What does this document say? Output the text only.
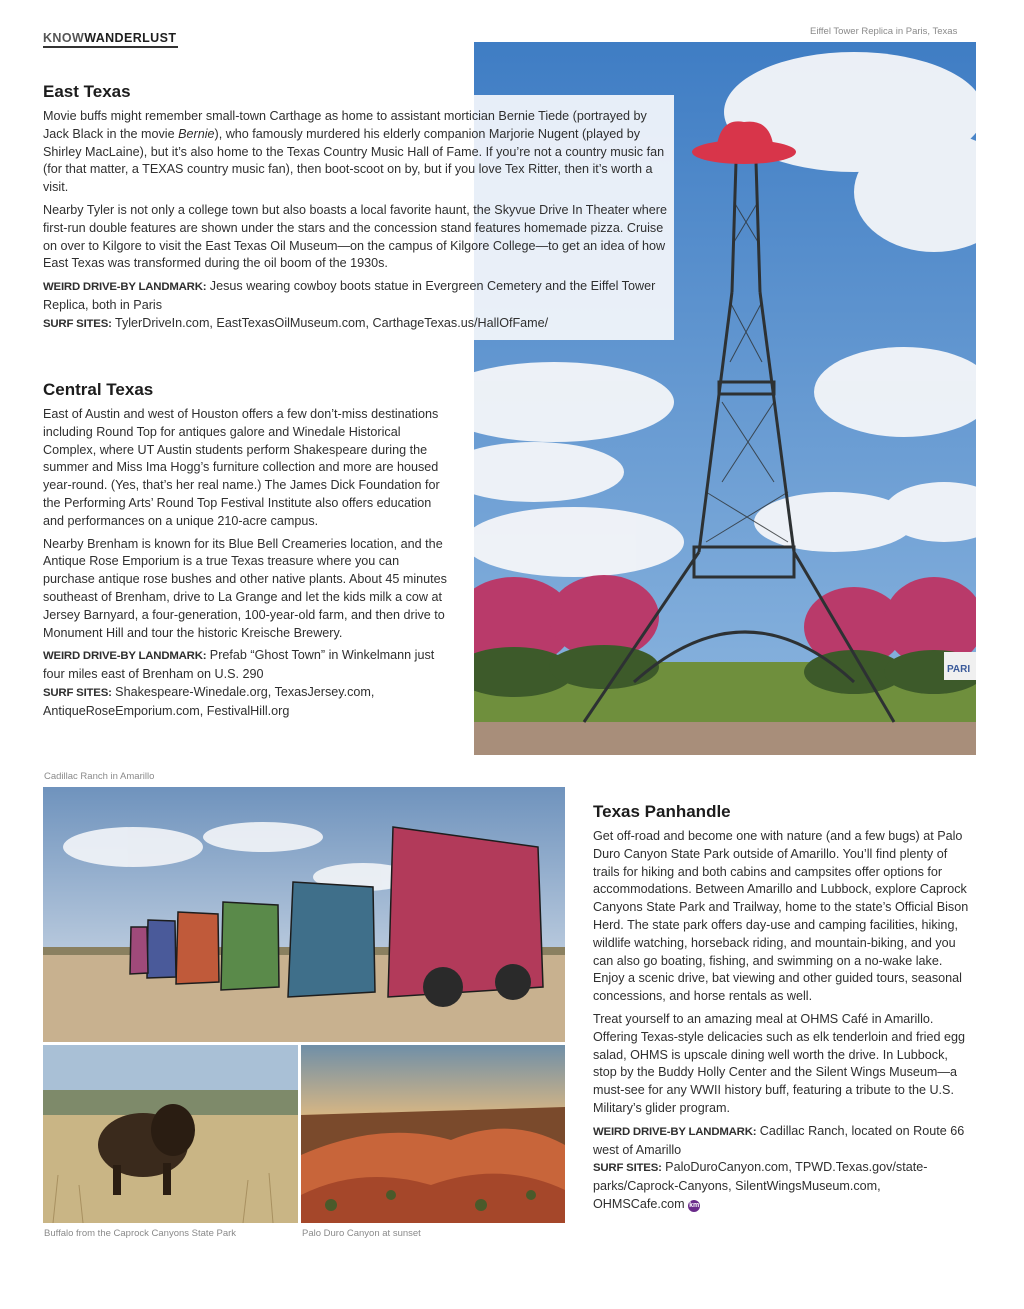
KNOWWANDERLUST	Eiffel Tower Replica in Paris, Texas
PARI
East Texas

Movie buffs might remember small-town Carthage as home to assistant mortician Bernie Tiede (portrayed by Jack Black in the movie Bernie), who famously murdered his elderly companion Marjorie Nugent (played by Shirley MacLaine), but it’s also home to the Texas Country Music Hall of Fame. If you’re not a country music fan (for that matter, a TEXAS country music fan), then boot-scoot on by, but if you love Tex Ritter, then it’s worth a visit.

Nearby Tyler is not only a college town but also boasts a local favorite haunt, the Skyvue Drive In Theater where first-run double features are shown under the stars and the concession stand features homemade pizza. Cruise on over to Kilgore to visit the East Texas Oil Museum—on the campus of Kilgore College—to get an idea of how East Texas was transformed during the oil boom of the 1930s.

WEIRD DRIVE-BY LANDMARK: Jesus wearing cowboy boots statue in Evergreen Cemetery and the Eiffel Tower Replica, both in Paris
SURF SITES: TylerDriveIn.com, EastTexasOilMuseum.com, CarthageTexas.us/HallOfFame/
Central Texas

East of Austin and west of Houston offers a few don’t-miss destinations including Round Top for antiques galore and Winedale Historical Complex, where UT Austin students perform Shakespeare during the summer and Miss Ima Hogg’s furniture collection and more are housed year-round. (Yes, that’s her real name.) The James Dick Foundation for the Performing Arts’ Round Top Festival Institute also offers education and performances on a unique 210-acre campus.

Nearby Brenham is known for its Blue Bell Creameries location, and the Antique Rose Emporium is a true Texas treasure where you can purchase antique rose bushes and other native plants. About 45 minutes southeast of Brenham, drive to La Grange and let the kids milk a cow at Jersey Barnyard, a four-generation, 100-year-old farm, and then drive to Monument Hill and tour the historic Kreische Brewery.

WEIRD DRIVE-BY LANDMARK: Prefab “Ghost Town” in Winkelmann just four miles east of Brenham on U.S. 290
SURF SITES: Shakespeare-Winedale.org, TexasJersey.com, AntiqueRoseEmporium.com, FestivalHill.org
Cadillac Ranch in Amarillo
Buffalo from the Caprock Canyons State Park	Palo Duro Canyon at sunset
Texas Panhandle

Get off-road and become one with nature (and a few bugs) at Palo Duro Canyon State Park outside of Amarillo. You’ll find plenty of trails for hiking and both cabins and campsites offer options for accommodations. Between Amarillo and Lubbock, explore Caprock Canyons State Park and Trailway, home to the state’s Official Bison Herd. The state park offers day-use and camping facilities, hiking, wildlife watching, horseback riding, and mountain-biking, and you can also go boating, fishing, and swimming on a no-wake lake. Enjoy a scenic drive, bat viewing and other guided tours, seasonal concessions, and horse rentals as well.

Treat yourself to an amazing meal at OHMS Café in Amarillo. Offering Texas-style delicacies such as elk tenderloin and fried egg salad, OHMS is upscale dining well worth the drive. In Lubbock, stop by the Buddy Holly Center and the Silent Wings Museum—a must-see for any WWII history buff, featuring a tribute to the U.S. Military’s glider program.

WEIRD DRIVE-BY LANDMARK: Cadillac Ranch, located on Route 66 west of Amarillo
SURF SITES: PaloDuroCanyon.com, TPWD.Texas.gov/state-parks/Caprock-Canyons, SilentWingsMuseum.com, OHMSCafe.com km
